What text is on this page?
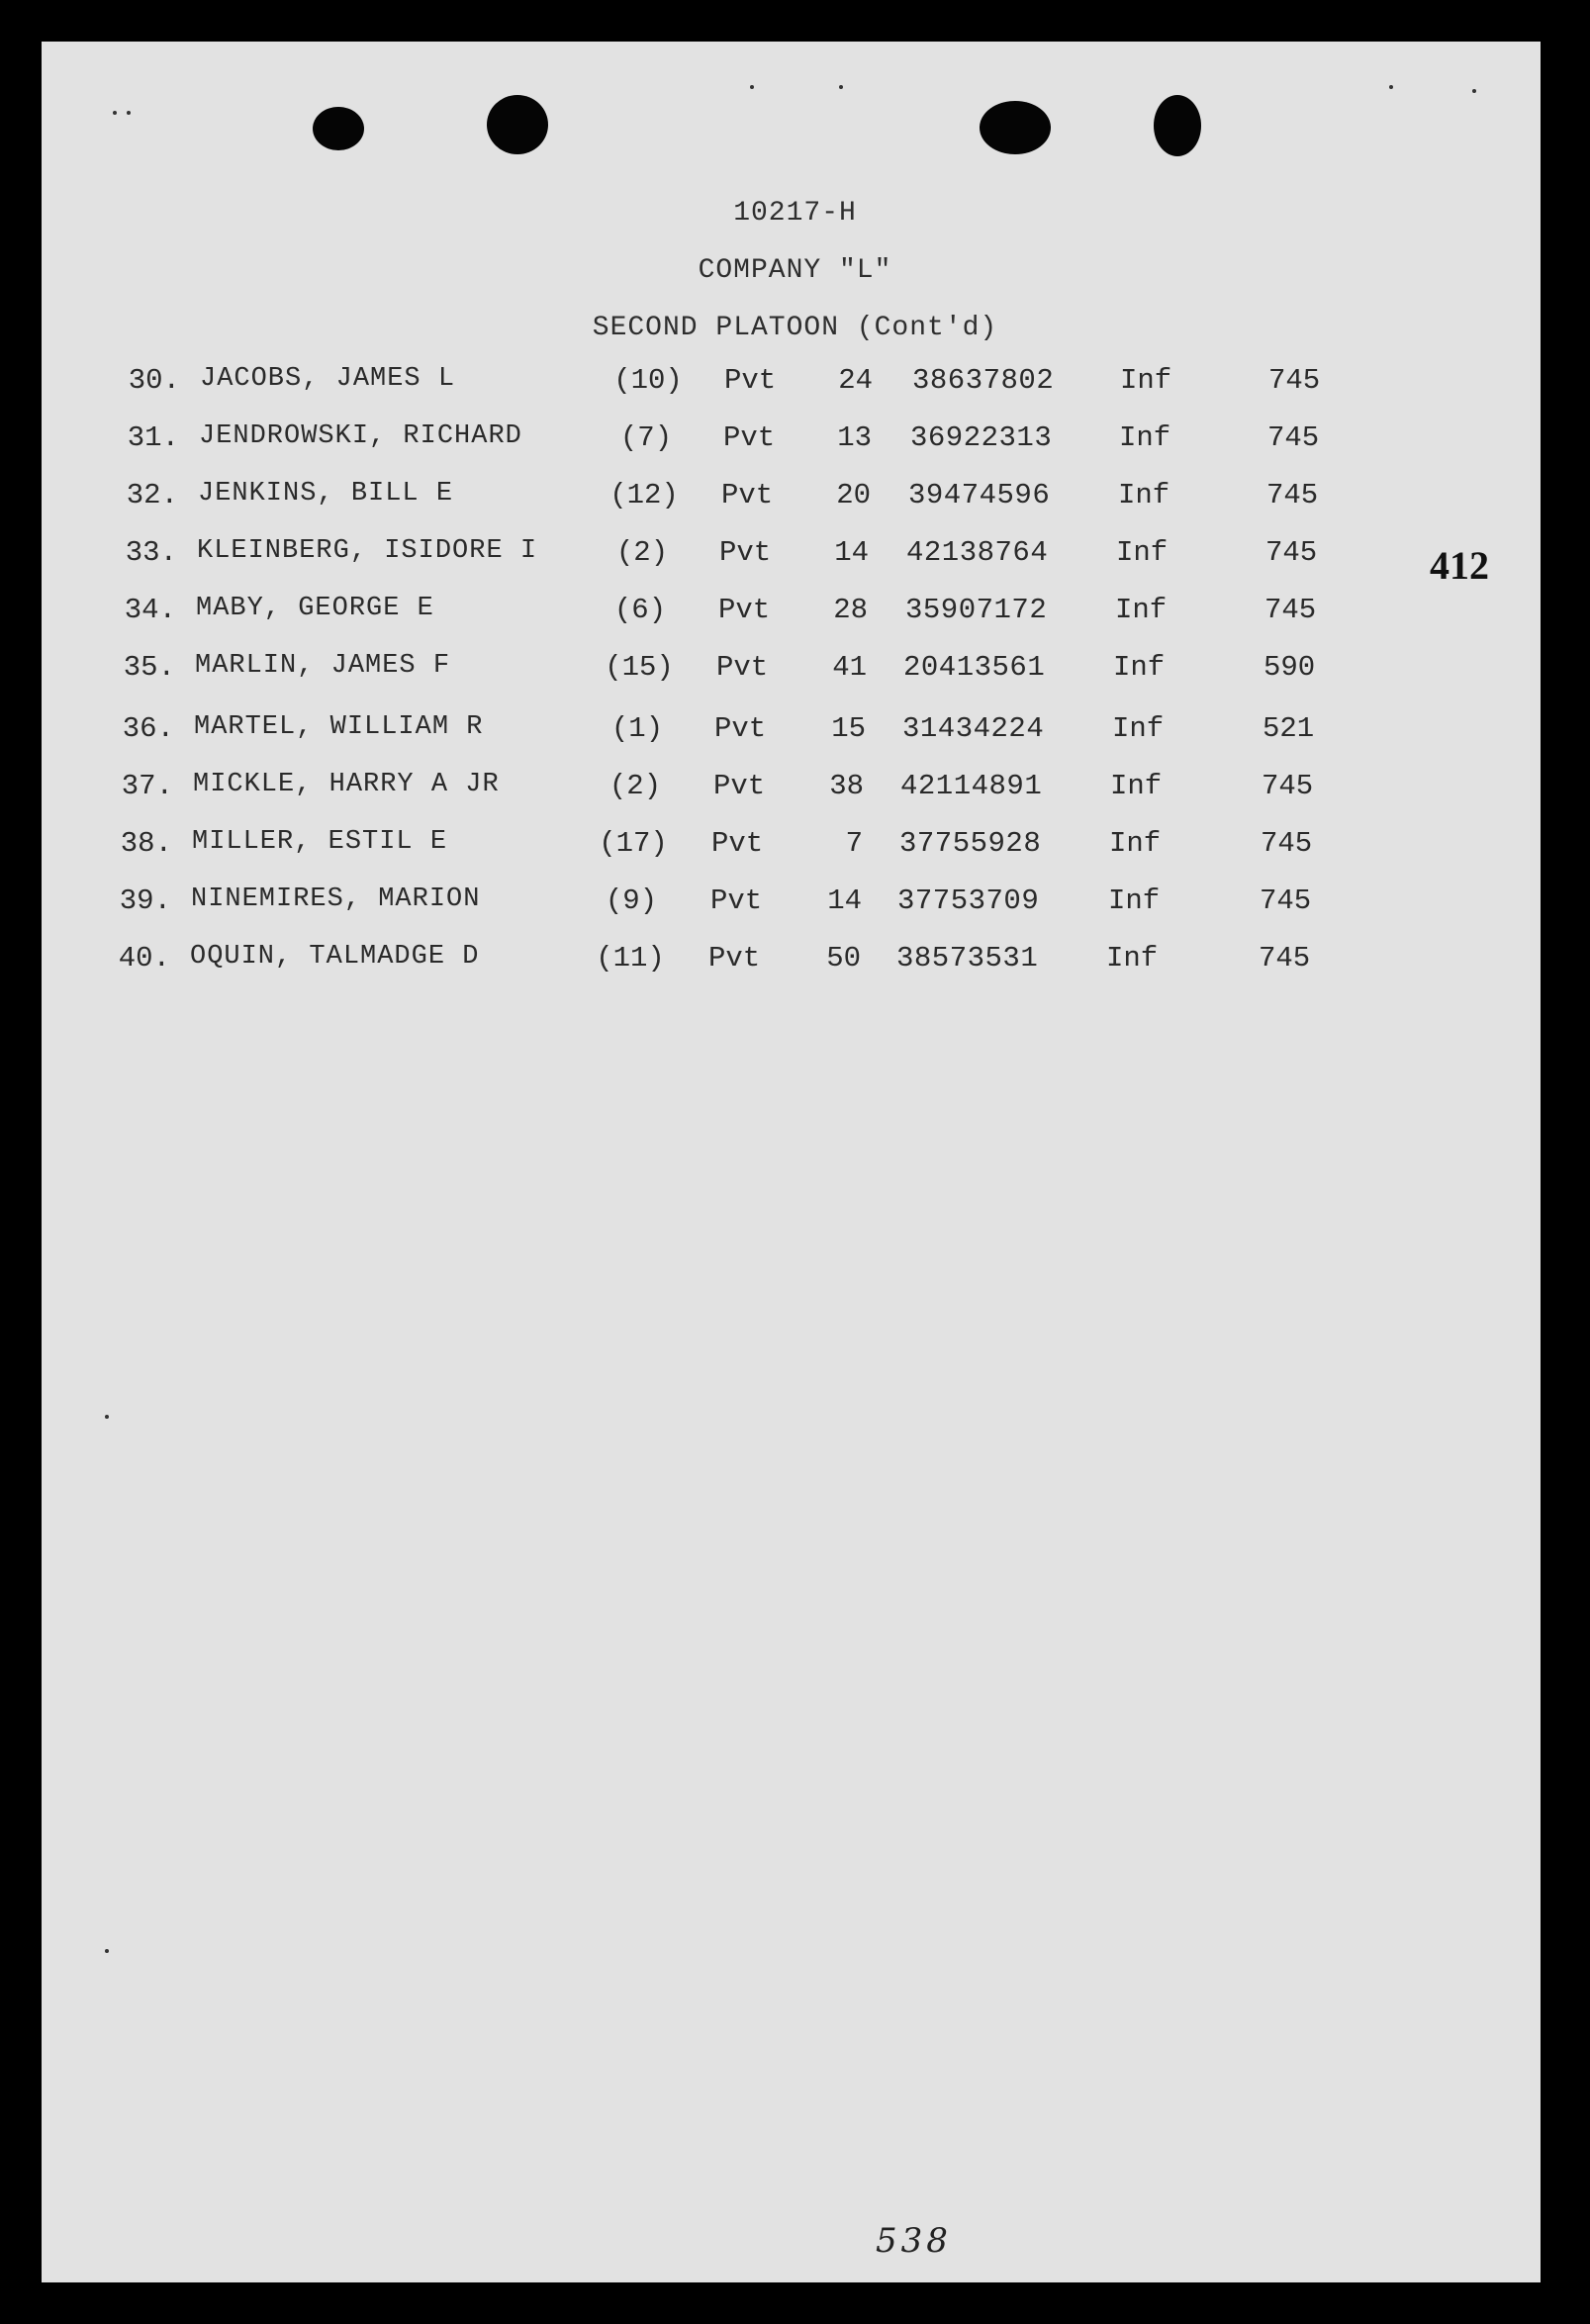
10217-H
COMPANY "L"
SECOND PLATOON (Cont'd)
30. JACOBS, JAMES L	(10) Pvt	24 38637802 Inf	745
31. JENDROWSKI, RICHARD	(7)	Pvt	13 36922313 Inf	745
32. JENKINS, BILL E	(12) Pvt	20 39474596 Inf	745
33. KLEINBERG, ISIDORE I	(2)	Pvt	14 42138764 Inf	745
34. MABY, GEORGE E	(6)	Pvt	28 35907172 Inf	745
35. MARLIN, JAMES F	(15) Pvt	41 20413561 Inf	590
36. MARTEL, WILLIAM R	(1)	Pvt	15 31434224 Inf	521
37. MICKLE, HARRY A JR	(2)	Pvt	38 42114891 Inf	745
38. MILLER, ESTIL E	(17) Pvt	7 37755928 Inf	745
39. NINEMIRES, MARION	(9)	Pvt	14 37753709 Inf	745
40. OQUIN, TALMADGE D	(11) Pvt	50 38573531 Inf	745
412
538
